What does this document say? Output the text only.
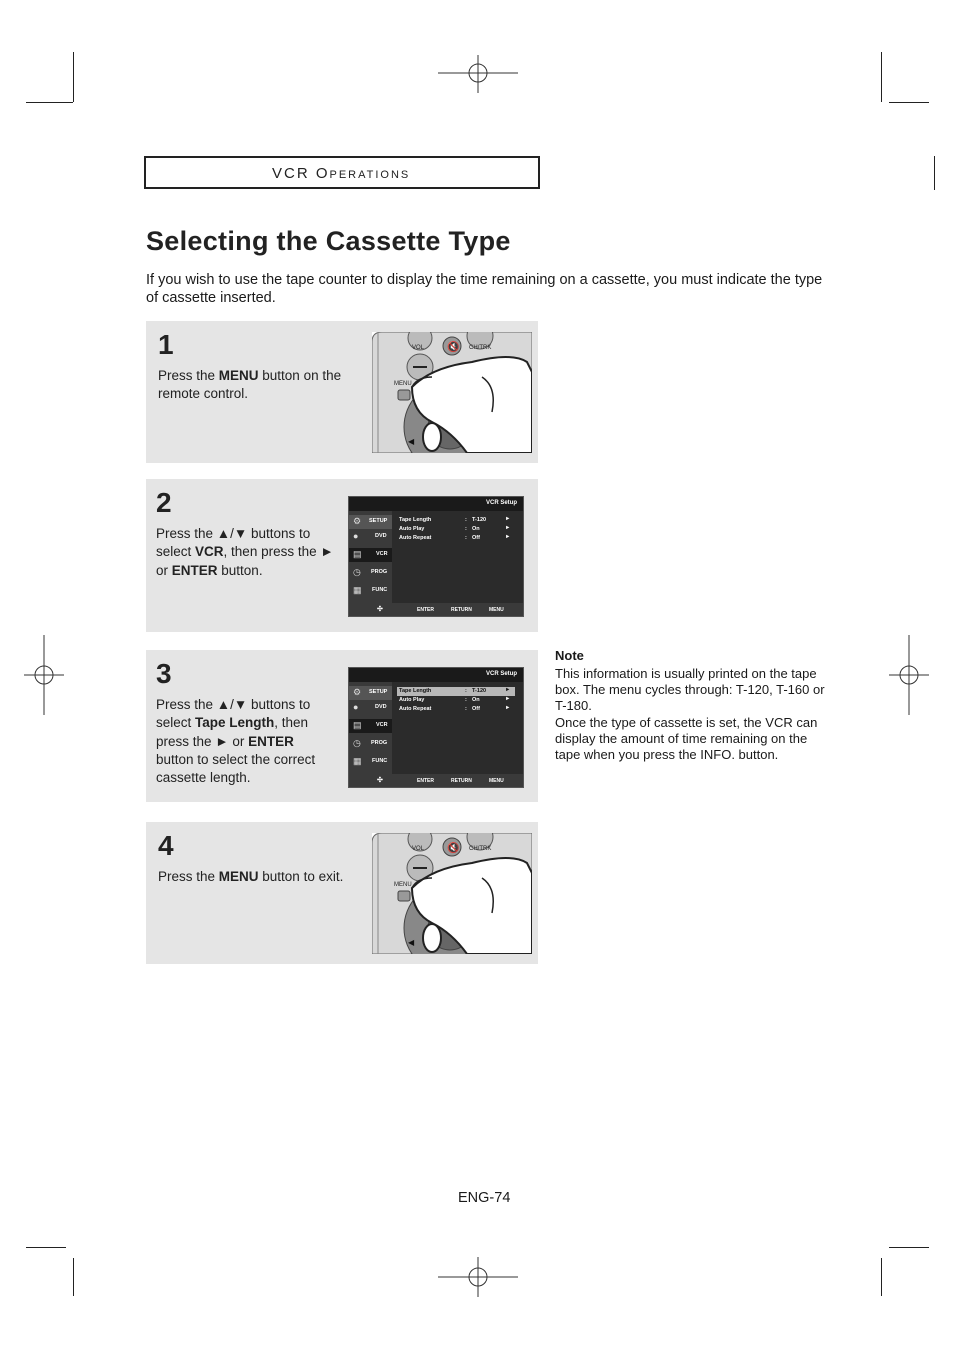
VCR Operations
Selecting the Cassette Type
If you wish to use the tape counter to display the time remaining on a cassette, you must indicate the type of cassette inserted.
1
Press the MENU button on the remote control.
VOL 🔇 CH/TRK
MENU
◀
2
Press the ▲/▼ buttons to select VCR, then press the ► or ENTER button.
VCR Setup
⚙ SETUP
●	DVD
▤	VCR
◷ PROG
▦ FUNC
Tape Length	: T-120	►
Auto Play	: On	►
Auto Repeat	: Off	►
✣	ENTER	RETURN	MENU
3
Press the ▲/▼ buttons to select Tape Length, then press the ► or ENTER button to select the correct cassette length.
VCR Setup
⚙ SETUP
●	DVD
▤	VCR
◷ PROG
▦ FUNC
Tape Length	: T-120	►
Auto Play	: On	►
Auto Repeat	: Off	►
✣	ENTER	RETURN	MENU
4
Press the MENU button to exit.
VOL 🔇 CH/TRK
MENU
◀
Note
This information is usually printed on the tape box. The menu cycles through: T-120, T-160 or T-180.
Once the type of cassette is set, the VCR can display the amount of time remaining on the tape when you press the INFO. button.
ENG-74
